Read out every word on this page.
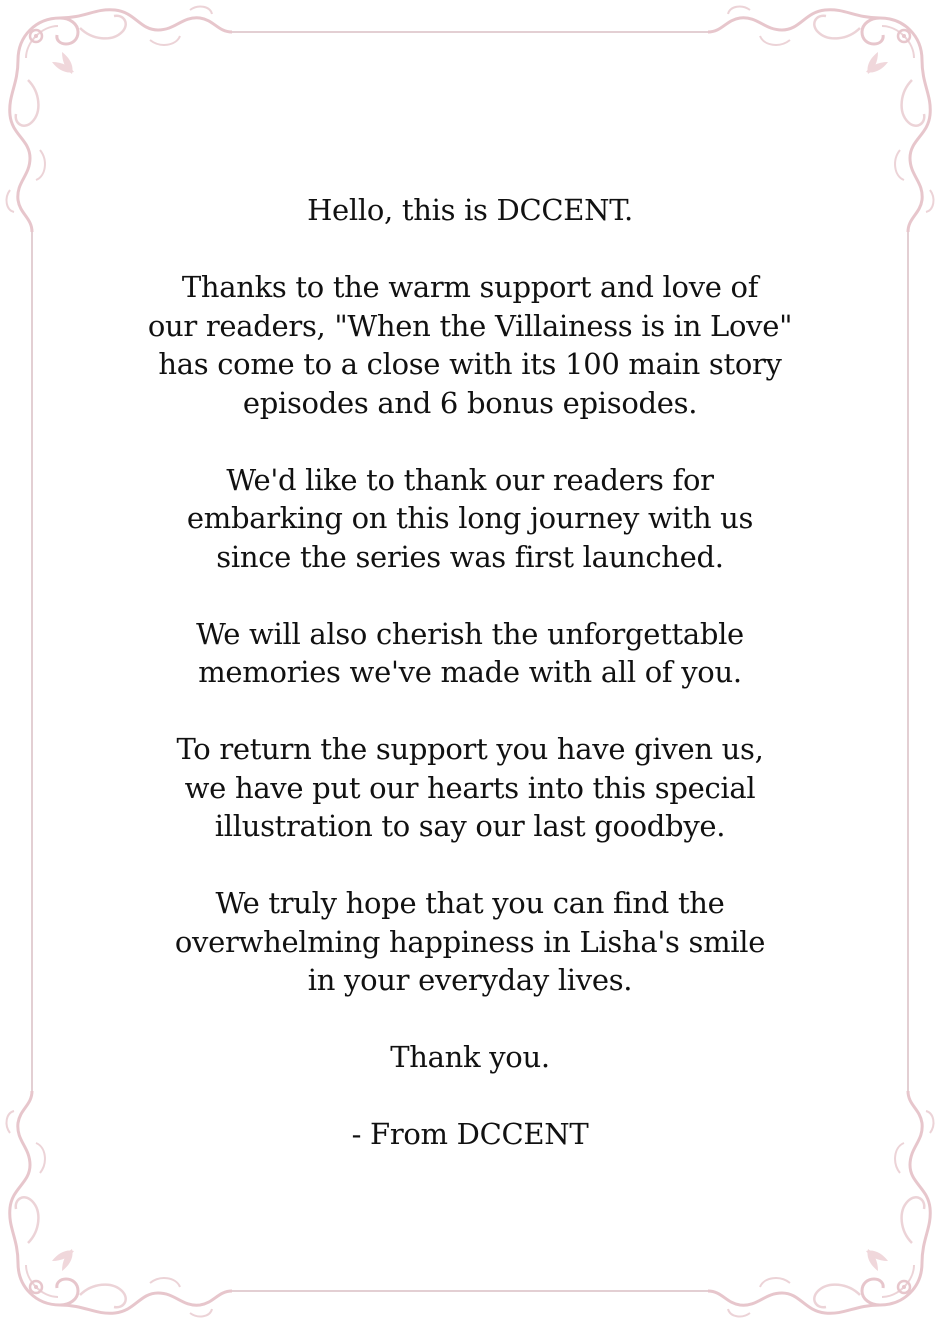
Hello, this is DCCENT.

Thanks to the warm support and love of
our readers, "When the Villainess is in Love"
has come to a close with its 100 main story
episodes and 6 bonus episodes.

We'd like to thank our readers for
embarking on this long journey with us
since the series was first launched.

We will also cherish the unforgettable
memories we've made with all of you.

To return the support you have given us,
we have put our hearts into this special
illustration to say our last goodbye.

We truly hope that you can find the
overwhelming happiness in Lisha's smile
in your everyday lives.

Thank you.

- From DCCENT
